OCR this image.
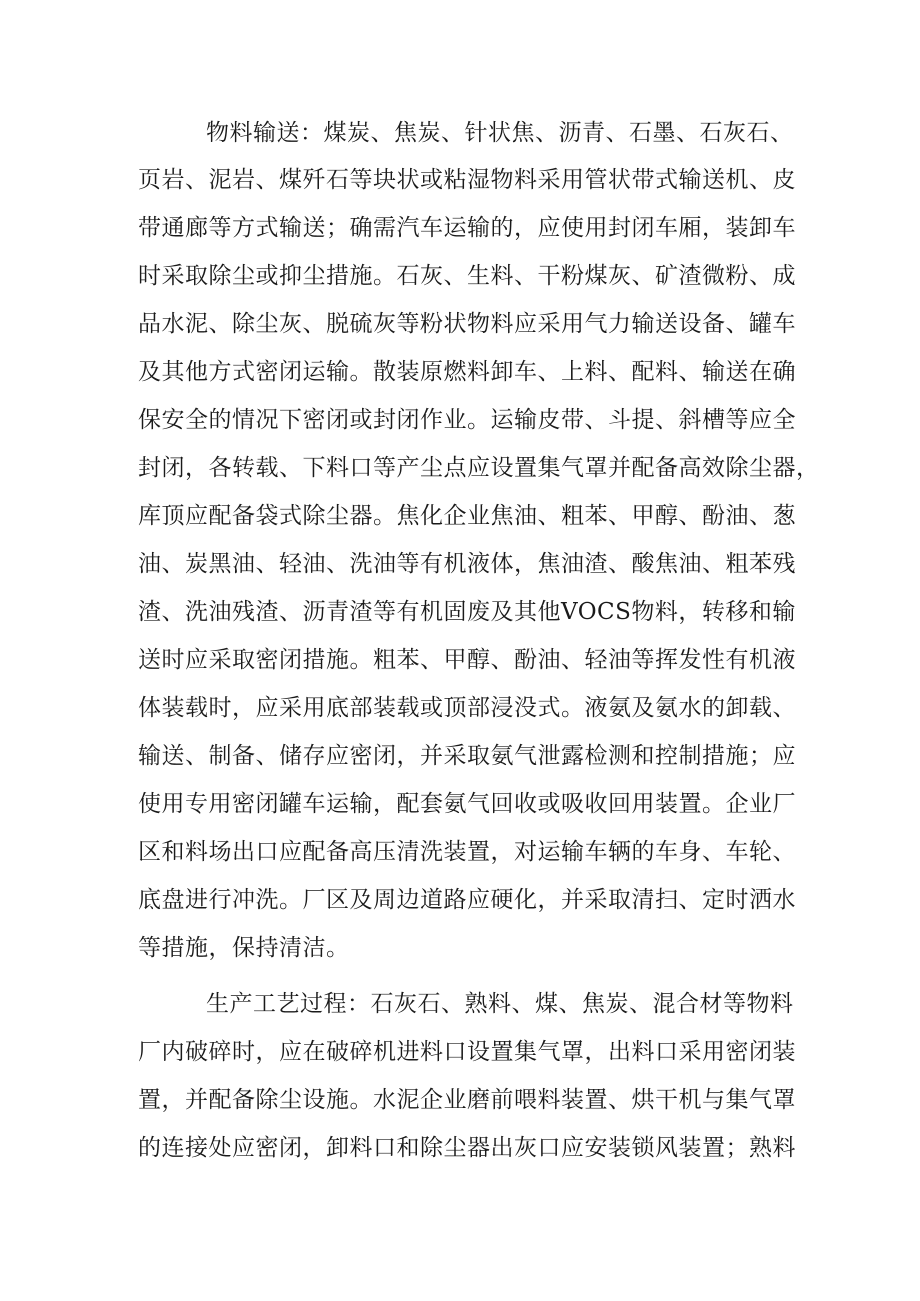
物料输送：煤炭、焦炭、针状焦、沥青、石墨、石灰石、
页岩、泥岩、煤歼石等块状或粘湿物料采用管状带式输送机、皮
带通廊等方式输送；确需汽车运输的，应使用封闭车厢，装卸车
时采取除尘或抑尘措施。石灰、生料、干粉煤灰、矿渣微粉、成
品水泥、除尘灰、脱硫灰等粉状物料应采用气力输送设备、罐车
及其他方式密闭运输。散装原燃料卸车、上料、配料、输送在确
保安全的情况下密闭或封闭作业。运输皮带、斗提、斜槽等应全
封闭，各转载、下料口等产尘点应设置集气罩并配备高效除尘器，
库顶应配备袋式除尘器。焦化企业焦油、粗苯、甲醇、酚油、葱
油、炭黑油、轻油、洗油等有机液体，焦油渣、酸焦油、粗苯残
渣、洗油残渣、沥青渣等有机固废及其他VOCS物料，转移和输
送时应采取密闭措施。粗苯、甲醇、酚油、轻油等挥发性有机液
体装载时，应采用底部装载或顶部浸没式。液氨及氨水的卸载、
输送、制备、储存应密闭，并采取氨气泄露检测和控制措施；应
使用专用密闭罐车运输，配套氨气回收或吸收回用装置。企业厂
区和料场出口应配备高压清洗装置，对运输车辆的车身、车轮、
底盘进行冲洗。厂区及周边道路应硬化，并采取清扫、定时洒水
等措施，保持清洁。
生产工艺过程：石灰石、熟料、煤、焦炭、混合材等物料
厂内破碎时，应在破碎机进料口设置集气罩，出料口采用密闭装
置，并配备除尘设施。水泥企业磨前喂料装置、烘干机与集气罩
的连接处应密闭，卸料口和除尘器出灰口应安装锁风装置；熟料
